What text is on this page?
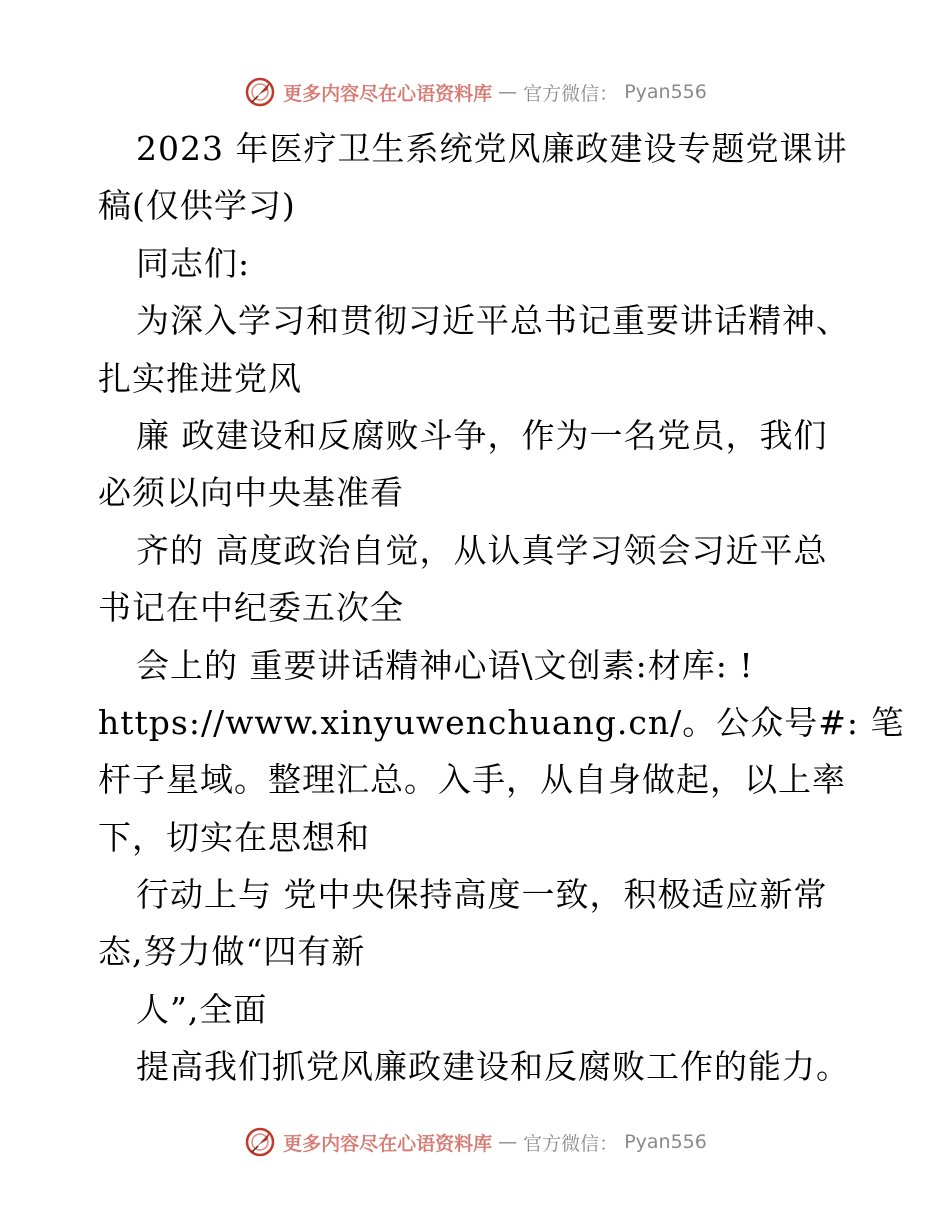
更多内容尽在心语资料库 — 官方微信： Pyan556
2023 年医疗卫生系统党风廉政建设专题党课讲
稿(仅供学习)
同志们:
为深入学习和贯彻习近平总书记重要讲话精神、
扎实推进党风
廉 政建设和反腐败斗争，作为一名党员，我们
必须以向中央基准看
齐的 高度政治自觉，从认真学习领会习近平总
书记在中纪委五次全
会上的 重要讲话精神心语\文创素:材库: !
https://www.xinyuwenchuang.cn/。公众号#: 笔
杆子星域。整理汇总。入手，从自身做起，以上率
下，切实在思想和
行动上与 党中央保持高度一致，积极适应新常
态,努力做“四有新
人”,全面
提高我们抓党风廉政建设和反腐败工作的能力。
更多内容尽在心语资料库 — 官方微信： Pyan556
